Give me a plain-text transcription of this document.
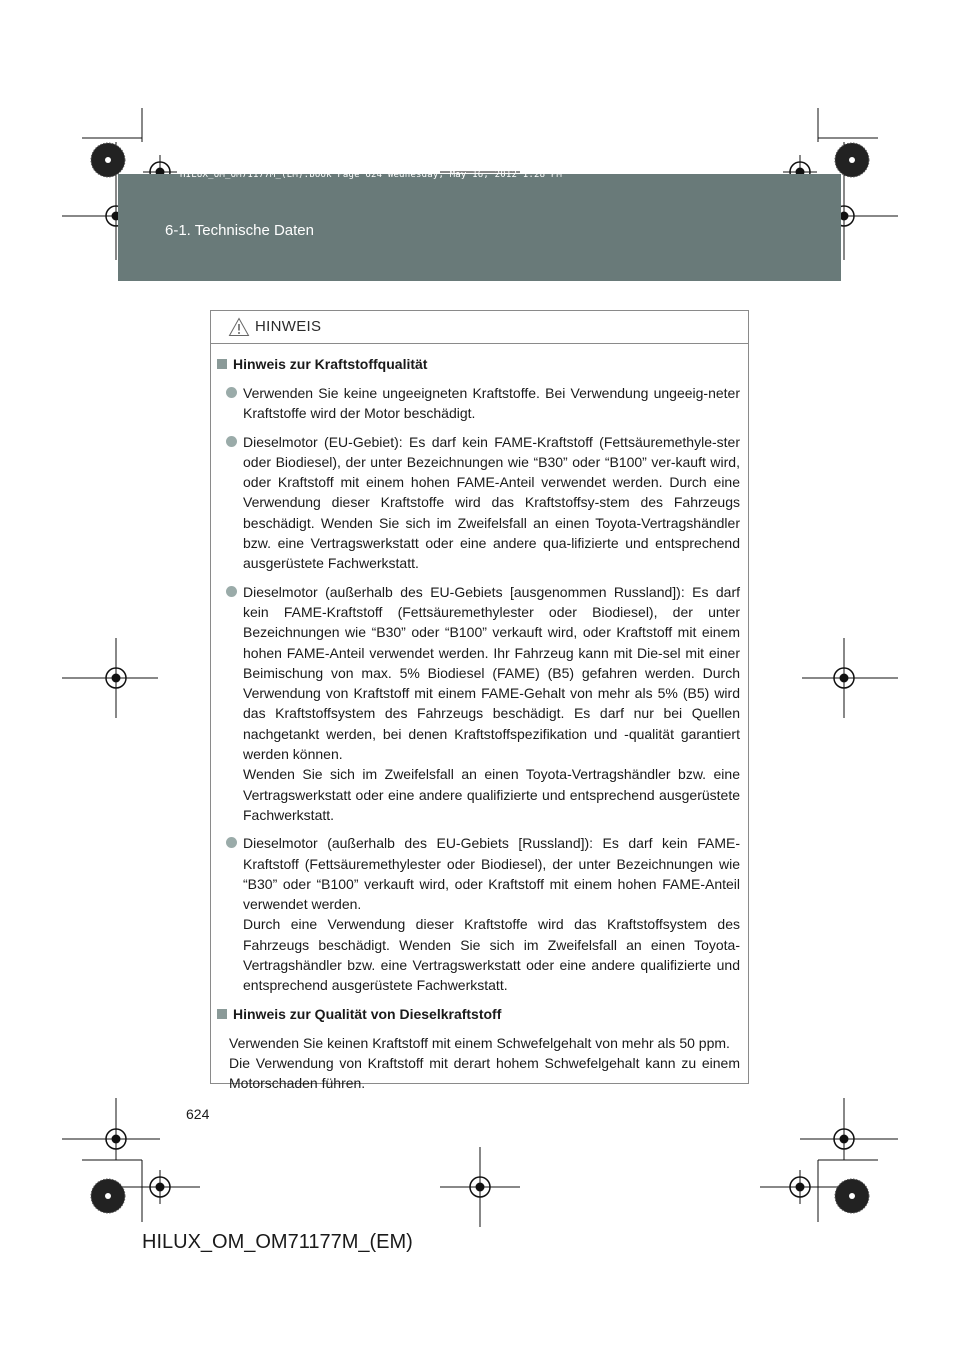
HILUX_OM_OM71177M_(EM).book Page 624 Wednesday, May 16, 2012 1:28 PM
6-1. Technische Daten
HINWEIS
Hinweis zur Kraftstoffqualität

Verwenden Sie keine ungeeigneten Kraftstoffe. Bei Verwendung ungeeig-neter Kraftstoffe wird der Motor beschädigt.

Dieselmotor (EU-Gebiet): Es darf kein FAME-Kraftstoff (Fettsäuremethyle-ster oder Biodiesel), der unter Bezeichnungen wie “B30” oder “B100” ver-kauft wird, oder Kraftstoff mit einem hohen FAME-Anteil verwendet werden. Durch eine Verwendung dieser Kraftstoffe wird das Kraftstoffsy-stem des Fahrzeugs beschädigt. Wenden Sie sich im Zweifelsfall an einen Toyota-Vertragshändler bzw. eine Vertragswerkstatt oder eine andere qua-lifizierte und entsprechend ausgerüstete Fachwerkstatt.

Dieselmotor (außerhalb des EU-Gebiets [ausgenommen Russland]): Es darf kein FAME-Kraftstoff (Fettsäuremethylester oder Biodiesel), der unter Bezeichnungen wie “B30” oder “B100” verkauft wird, oder Kraftstoff mit einem hohen FAME-Anteil verwendet werden. Ihr Fahrzeug kann mit Die-sel mit einer Beimischung von max. 5% Biodiesel (FAME) (B5) gefahren werden. Durch Verwendung von Kraftstoff mit einem FAME-Gehalt von mehr als 5% (B5) wird das Kraftstoffsystem des Fahrzeugs beschädigt. Es darf nur bei Quellen nachgetankt werden, bei denen Kraftstoffspezifikation und -qualität garantiert werden können.

Wenden Sie sich im Zweifelsfall an einen Toyota-Vertragshändler bzw. eine Vertragswerkstatt oder eine andere qualifizierte und entsprechend ausgerüstete Fachwerkstatt.

Dieselmotor (außerhalb des EU-Gebiets [Russland]): Es darf kein FAME-Kraftstoff (Fettsäuremethylester oder Biodiesel), der unter Bezeichnungen wie “B30” oder “B100” verkauft wird, oder Kraftstoff mit einem hohen FAME-Anteil verwendet werden.

Durch eine Verwendung dieser Kraftstoffe wird das Kraftstoffsystem des Fahrzeugs beschädigt. Wenden Sie sich im Zweifelsfall an einen Toyota-Vertragshändler bzw. eine Vertragswerkstatt oder eine andere qualifizierte und entsprechend ausgerüstete Fachwerkstatt.

Hinweis zur Qualität von Dieselkraftstoff

Verwenden Sie keinen Kraftstoff mit einem Schwefelgehalt von mehr als 50 ppm.

Die Verwendung von Kraftstoff mit derart hohem Schwefelgehalt kann zu einem Motorschaden führen.

624
HILUX_OM_OM71177M_(EM)
